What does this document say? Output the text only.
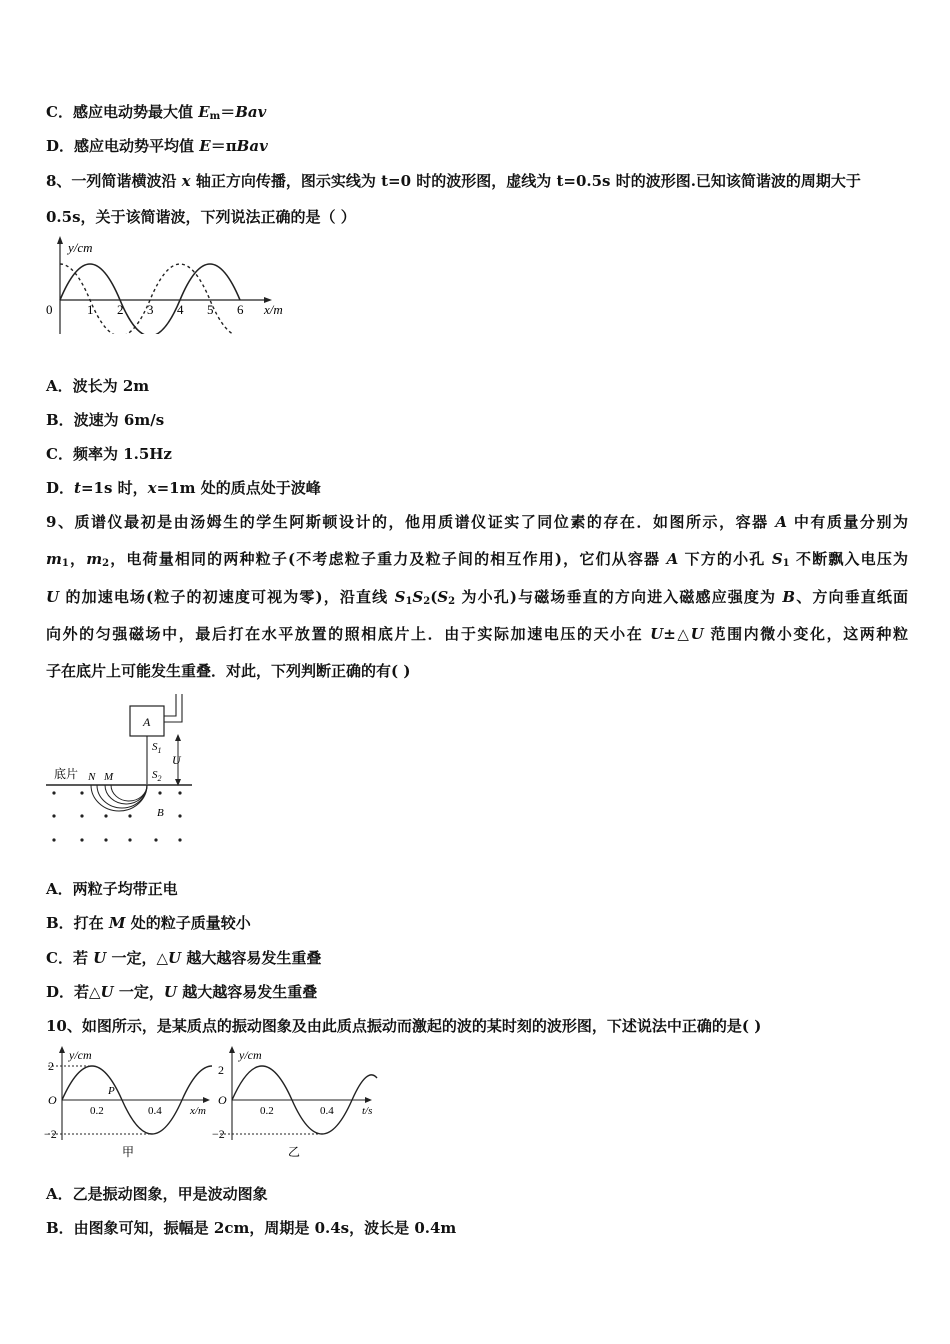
C．感应电动势最大值 $E_m=Bav$
D．感应电动势平均值 E＝πBav
8、一列简谐横波沿 x 轴正方向传播，图示实线为 t=0 时的波形图，虚线为 t=0.5s 时的波形图.已知该简谐波的周期大于
0.5s，关于该简谐波，下列说法正确的是（ ）
y/cm
0	1 2 3 4 5 6 x/m
A．波长为 2m
B．波速为 6m/s
C．频率为 1.5Hz
D．t=1s 时，x=1m 处的质点处于波峰
9、质谱仪最初是由汤姆生的学生阿斯顿设计的，他用质谱仪证实了同位素的存在．如图所示，容器 A 中有质量分别为
$m_1$，$m_2$，电荷量相同的两种粒子(不考虑粒子重力及粒子间的相互作用)，它们从容器 A 下方的小孔 $S_1$ 不断飘入电压为
U 的加速电场(粒子的初速度可视为零)，沿直线 $S_1S_2(S_2$ 为小孔)与磁场垂直的方向进入磁感应强度为 B、方向垂直纸面
向外的匀强磁场中，最后打在水平放置的照相底片上．由于实际加速电压的天小在 U±△U 范围内微小变化，这两种粒
子在底片上可能发生重叠．对此，下列判断正确的有( )
A
$S_1$
$S_2$
U
底片 N M
B
A．两粒子均带正电
B．打在 M 处的粒子质量较小
C．若 U 一定，△U 越大越容易发生重叠
D．若△U 一定，U 越大越容易发生重叠
10、如图所示，是某质点的振动图象及由此质点振动而激起的波的某时刻的波形图，下述说法中正确的是( )
y/cm
2
−2
O
0.2	0.4	x/m
P
甲
y/cm
2
−2
O
0.2	0.4	t/s
乙
A．乙是振动图象，甲是波动图象
B．由图象可知，振幅是 2cm，周期是 0.4s，波长是 0.4m
